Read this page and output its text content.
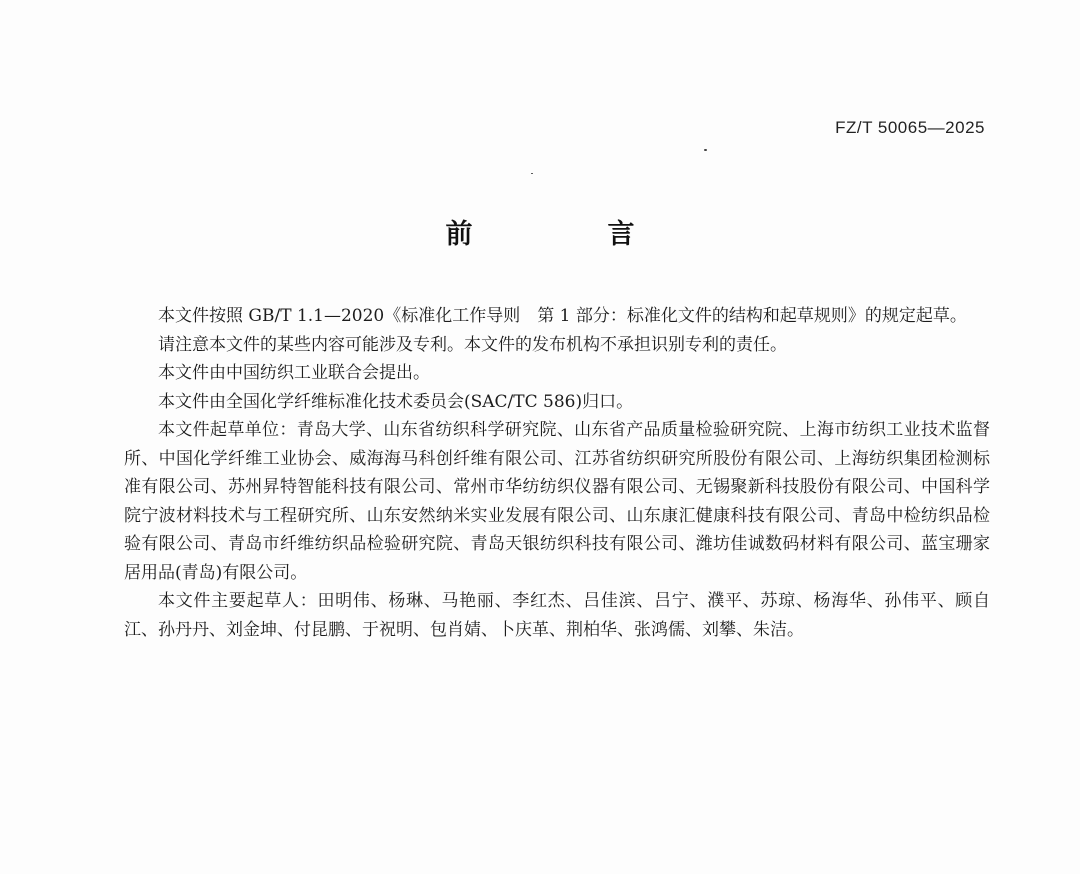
FZ/T 50065—2025
前　言

本文件按照 GB/T 1.1—2020《标准化工作导则　第 1 部分：标准化文件的结构和起草规则》的规定起草。

请注意本文件的某些内容可能涉及专利。本文件的发布机构不承担识别专利的责任。

本文件由中国纺织工业联合会提出。

本文件由全国化学纤维标准化技术委员会(SAC/TC 586)归口。

本文件起草单位：青岛大学、山东省纺织科学研究院、山东省产品质量检验研究院、上海市纺织工业技术监督所、中国化学纤维工业协会、威海海马科创纤维有限公司、江苏省纺织研究所股份有限公司、上海纺织集团检测标准有限公司、苏州昇特智能科技有限公司、常州市华纺纺织仪器有限公司、无锡聚新科技股份有限公司、中国科学院宁波材料技术与工程研究所、山东安然纳米实业发展有限公司、山东康汇健康科技有限公司、青岛中检纺织品检验有限公司、青岛市纤维纺织品检验研究院、青岛天银纺织科技有限公司、潍坊佳诚数码材料有限公司、蓝宝珊家居用品(青岛)有限公司。

本文件主要起草人：田明伟、杨琳、马艳丽、李红杰、吕佳滨、吕宁、濮平、苏琼、杨海华、孙伟平、顾自江、孙丹丹、刘金坤、付昆鹏、于祝明、包肖婧、卜庆革、荆柏华、张鸿儒、刘攀、朱洁。
